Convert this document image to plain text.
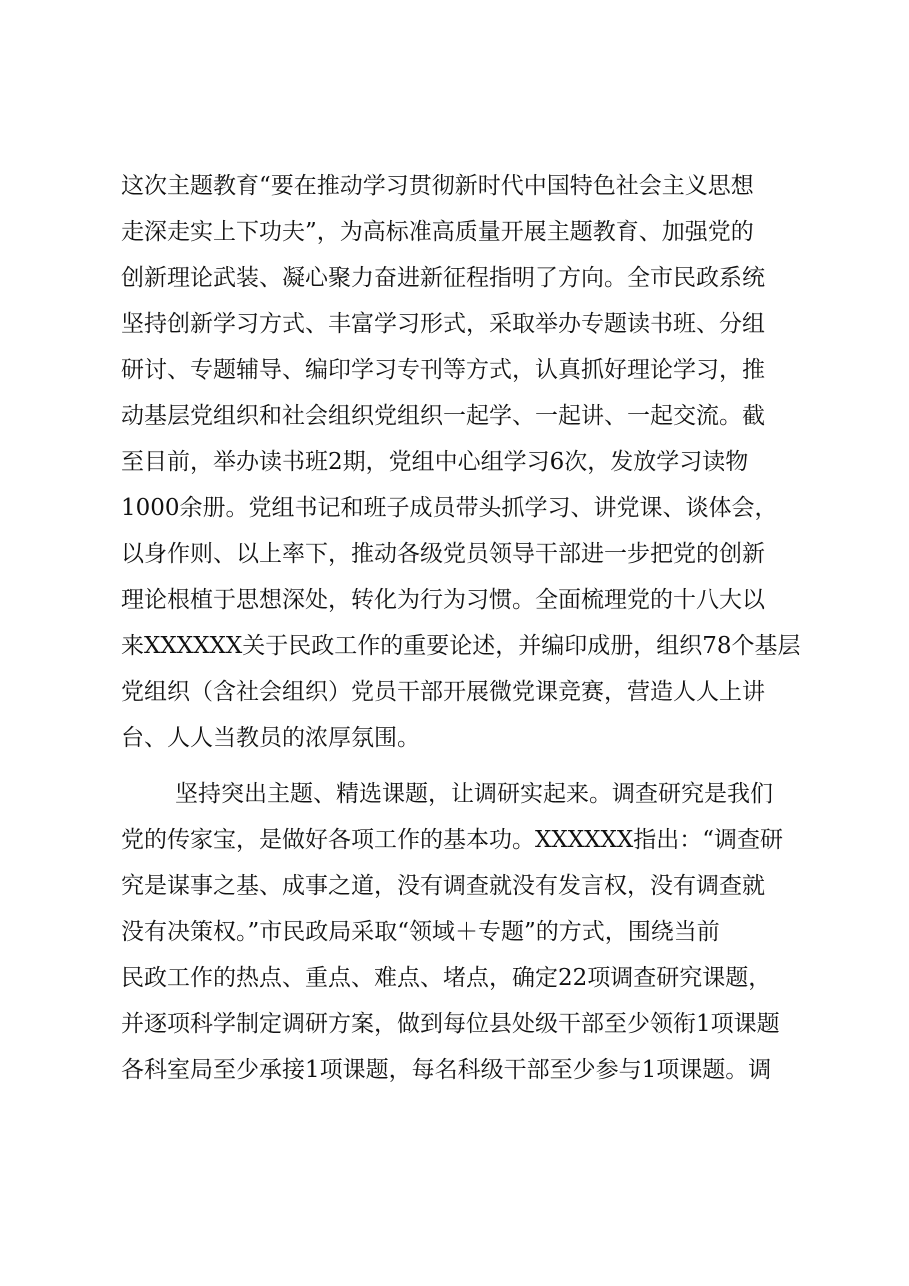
这次主题教育“要在推动学习贯彻新时代中国特色社会主义思想
走深走实上下功夫”，为高标准高质量开展主题教育、加强党的
创新理论武装、凝心聚力奋进新征程指明了方向。全市民政系统
坚持创新学习方式、丰富学习形式，采取举办专题读书班、分组
研讨、专题辅导、编印学习专刊等方式，认真抓好理论学习，推
动基层党组织和社会组织党组织一起学、一起讲、一起交流。截
至目前，举办读书班2期，党组中心组学习6次，发放学习读物
1000余册。党组书记和班子成员带头抓学习、讲党课、谈体会，
以身作则、以上率下，推动各级党员领导干部进一步把党的创新
理论根植于思想深处，转化为行为习惯。全面梳理党的十八大以
来XXXXXX关于民政工作的重要论述，并编印成册，组织78个基层
党组织（含社会组织）党员干部开展微党课竞赛，营造人人上讲
台、人人当教员的浓厚氛围。
坚持突出主题、精选课题，让调研实起来。调查研究是我们
党的传家宝，是做好各项工作的基本功。XXXXXX指出：“调查研
究是谋事之基、成事之道，没有调查就没有发言权，没有调查就
没有决策权。”市民政局采取“领域＋专题”的方式，围绕当前
民政工作的热点、重点、难点、堵点，确定22项调查研究课题，
并逐项科学制定调研方案，做到每位县处级干部至少领衔1项课题
各科室局至少承接1项课题，每名科级干部至少参与1项课题。调
